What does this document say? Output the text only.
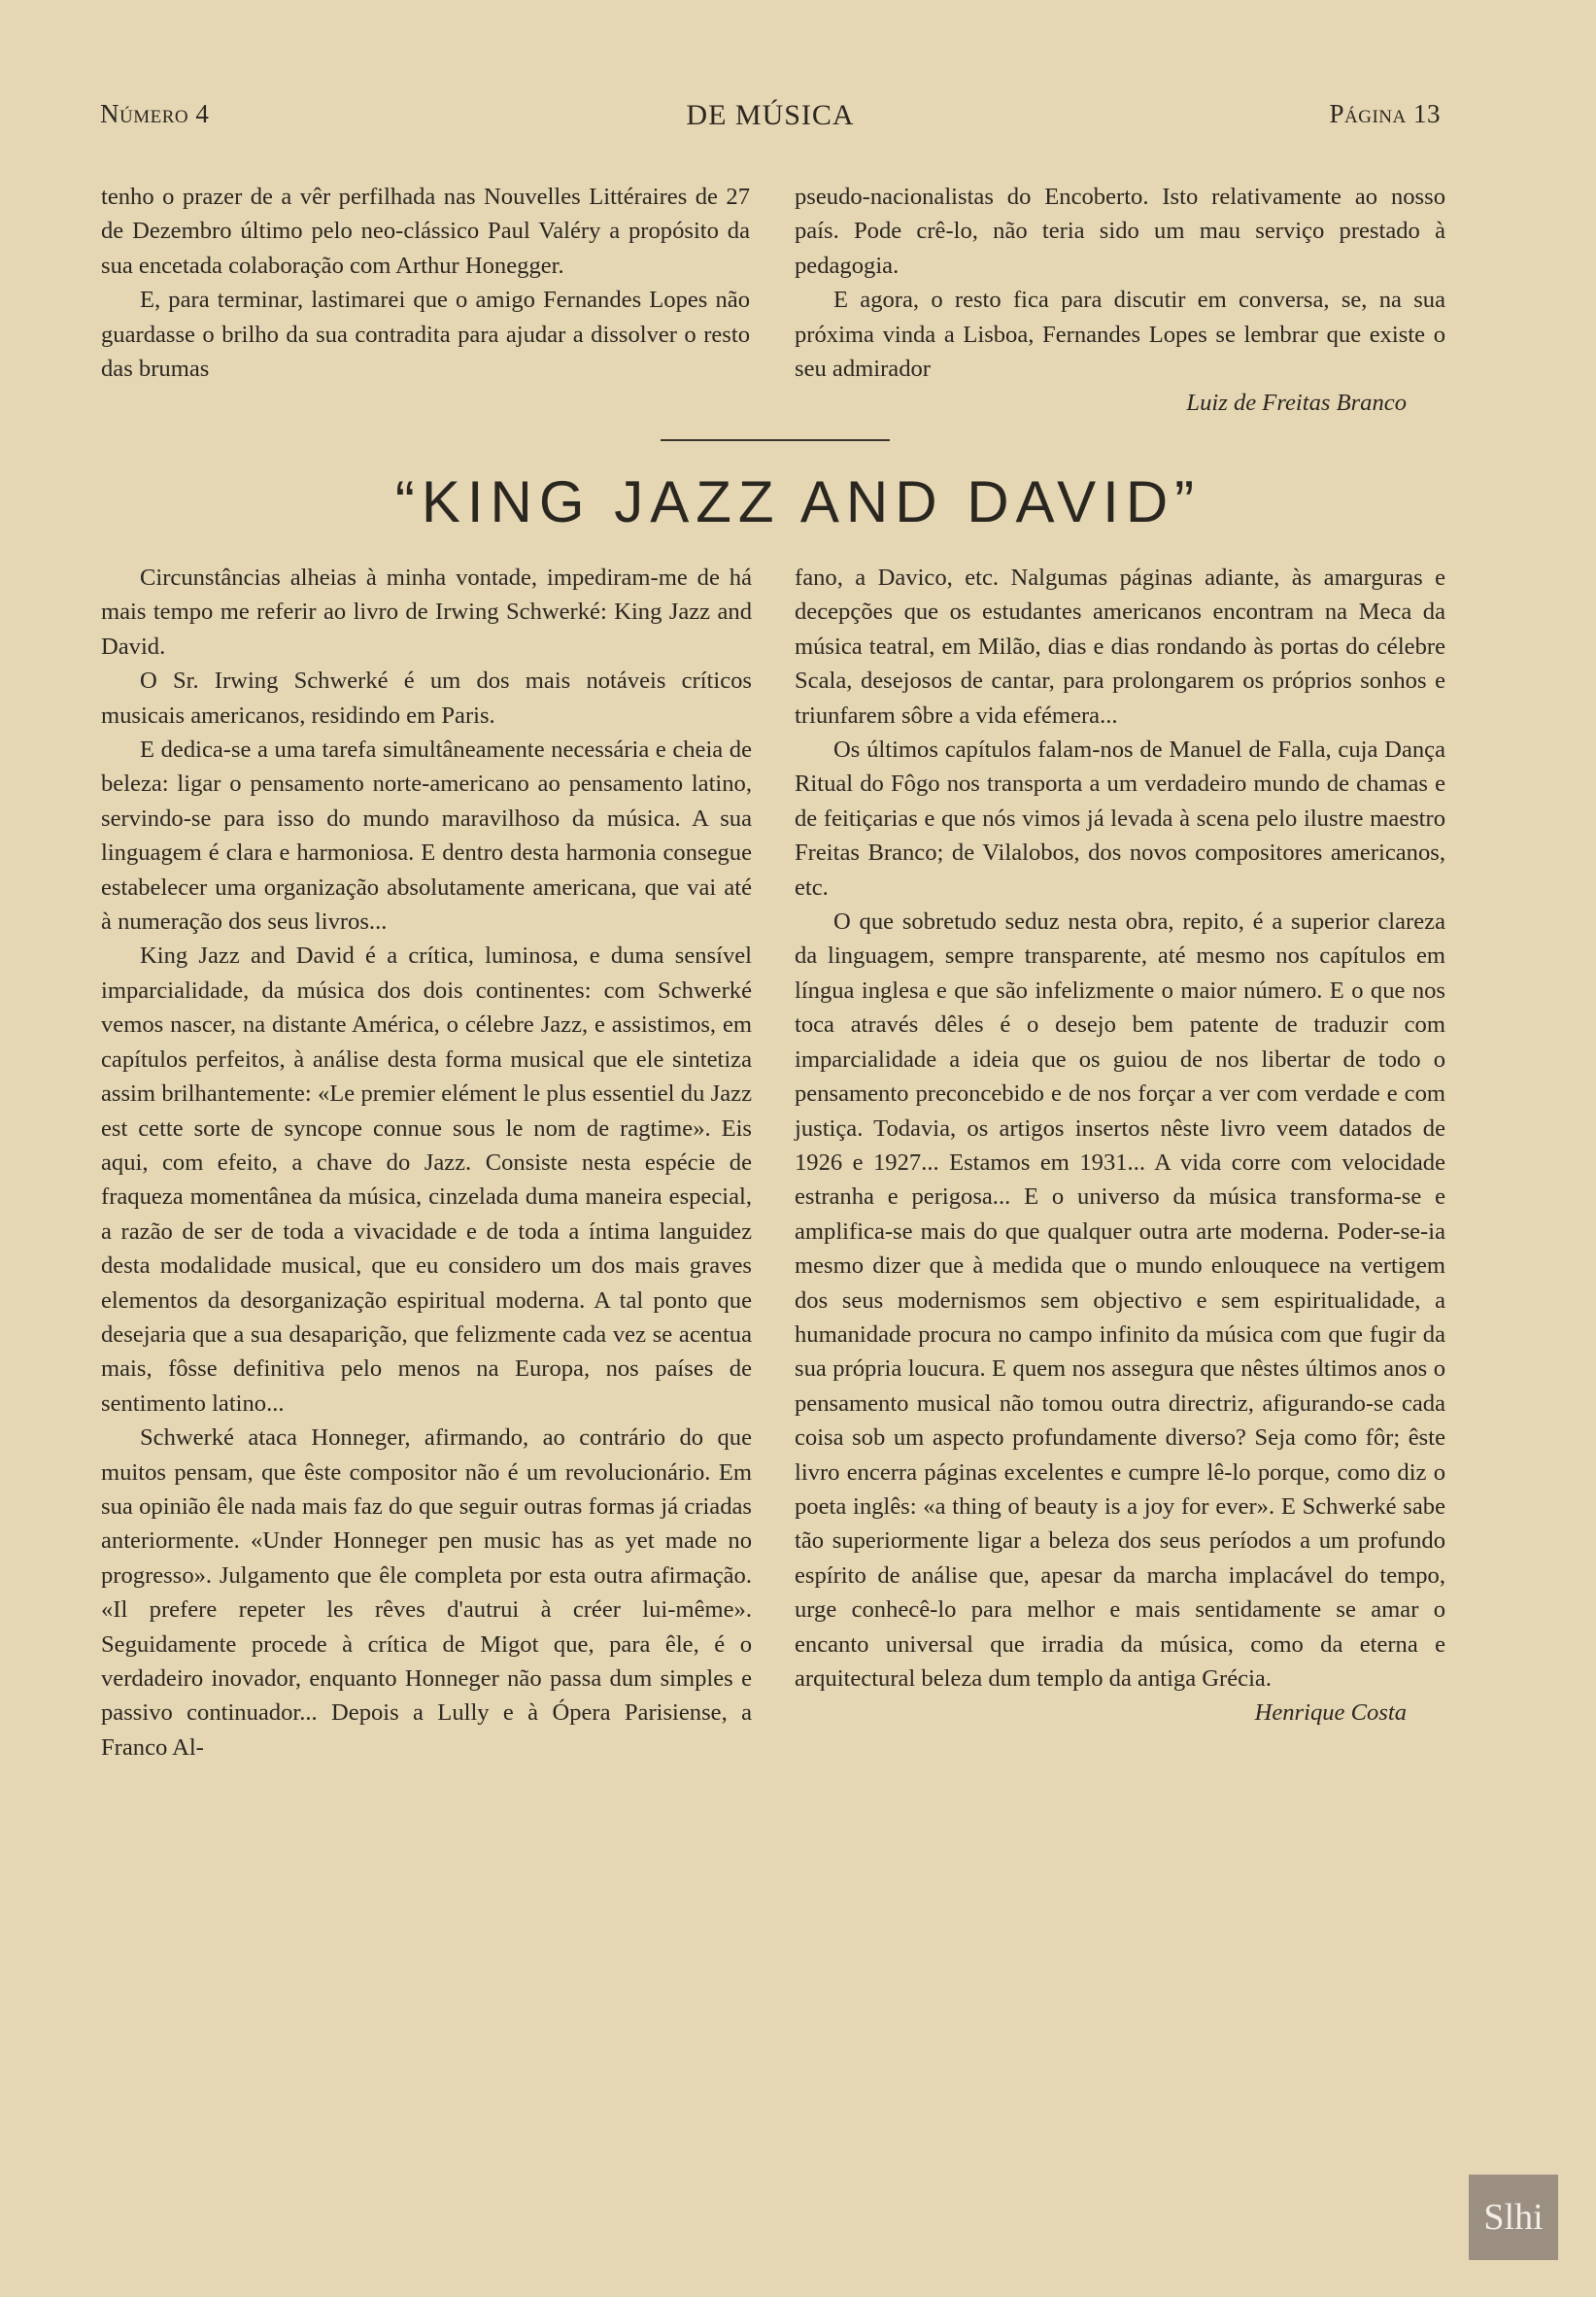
Número 4	DE MÚSICA	Página 13

tenho o prazer de a vêr perfilhada nas Nouvelles Littéraires de 27 de Dezembro último pelo neo-clássico Paul Valéry a propósito da sua encetada colaboração com Arthur Honegger.

E, para terminar, lastimarei que o amigo Fernandes Lopes não guardasse o brilho da sua contradita para ajudar a dissolver o resto das brumas

pseudo-nacionalistas do Encoberto. Isto relativamente ao nosso país. Pode crê-lo, não teria sido um mau serviço prestado à pedagogia.

E agora, o resto fica para discutir em conversa, se, na sua próxima vinda a Lisboa, Fernandes Lopes se lembrar que existe o seu admirador

Luiz de Freitas Branco
“KING JAZZ AND DAVID”

Circunstâncias alheias à minha vontade, impediram-me de há mais tempo me referir ao livro de Irwing Schwerké: King Jazz and David.

O Sr. Irwing Schwerké é um dos mais notáveis críticos musicais americanos, residindo em Paris.

E dedica-se a uma tarefa simultâneamente necessária e cheia de beleza: ligar o pensamento norte-americano ao pensamento latino, servindo-se para isso do mundo maravilhoso da música. A sua linguagem é clara e harmoniosa. E dentro desta harmonia consegue estabelecer uma organização absolutamente americana, que vai até à numeração dos seus livros...

King Jazz and David é a crítica, luminosa, e duma sensível imparcialidade, da música dos dois continentes: com Schwerké vemos nascer, na distante América, o célebre Jazz, e assistimos, em capítulos perfeitos, à análise desta forma musical que ele sintetiza assim brilhantemente: «Le premier elément le plus essentiel du Jazz est cette sorte de syncope connue sous le nom de ragtime». Eis aqui, com efeito, a chave do Jazz. Consiste nesta espécie de fraqueza momentânea da música, cinzelada duma maneira especial, a razão de ser de toda a vivacidade e de toda a íntima languidez desta modalidade musical, que eu considero um dos mais graves elementos da desorganização espiritual moderna. A tal ponto que desejaria que a sua desaparição, que felizmente cada vez se acentua mais, fôsse definitiva pelo menos na Europa, nos países de sentimento latino...

Schwerké ataca Honneger, afirmando, ao contrário do que muitos pensam, que êste compositor não é um revolucionário. Em sua opinião êle nada mais faz do que seguir outras formas já criadas anteriormente. «Under Honneger pen music has as yet made no progresso». Julgamento que êle completa por esta outra afirmação. «Il prefere repeter les rêves d'autrui à créer lui-même». Seguidamente procede à crítica de Migot que, para êle, é o verdadeiro inovador, enquanto Honneger não passa dum simples e passivo continuador... Depois a Lully e à Ópera Parisiense, a Franco Al-

fano, a Davico, etc. Nalgumas páginas adiante, às amarguras e decepções que os estudantes americanos encontram na Meca da música teatral, em Milão, dias e dias rondando às portas do célebre Scala, desejosos de cantar, para prolongarem os próprios sonhos e triunfarem sôbre a vida efémera...

Os últimos capítulos falam-nos de Manuel de Falla, cuja Dança Ritual do Fôgo nos transporta a um verdadeiro mundo de chamas e de feitiçarias e que nós vimos já levada à scena pelo ilustre maestro Freitas Branco; de Vilalobos, dos novos compositores americanos, etc.

O que sobretudo seduz nesta obra, repito, é a superior clareza da linguagem, sempre transparente, até mesmo nos capítulos em língua inglesa e que são infelizmente o maior número. E o que nos toca através dêles é o desejo bem patente de traduzir com imparcialidade a ideia que os guiou de nos libertar de todo o pensamento preconcebido e de nos forçar a ver com verdade e com justiça. Todavia, os artigos insertos nêste livro veem datados de 1926 e 1927... Estamos em 1931... A vida corre com velocidade estranha e perigosa... E o universo da música transforma-se e amplifica-se mais do que qualquer outra arte moderna. Poder-se-ia mesmo dizer que à medida que o mundo enlouquece na vertigem dos seus modernismos sem objectivo e sem espiritualidade, a humanidade procura no campo infinito da música com que fugir da sua própria loucura. E quem nos assegura que nêstes últimos anos o pensamento musical não tomou outra directriz, afigurando-se cada coisa sob um aspecto profundamente diverso? Seja como fôr; êste livro encerra páginas excelentes e cumpre lê-lo porque, como diz o poeta inglês: «a thing of beauty is a joy for ever». E Schwerké sabe tão superiormente ligar a beleza dos seus períodos a um profundo espírito de análise que, apesar da marcha implacável do tempo, urge conhecê-lo para melhor e mais sentidamente se amar o encanto universal que irradia da música, como da eterna e arquitectural beleza dum templo da antiga Grécia.

Henrique Costa
Slhi
